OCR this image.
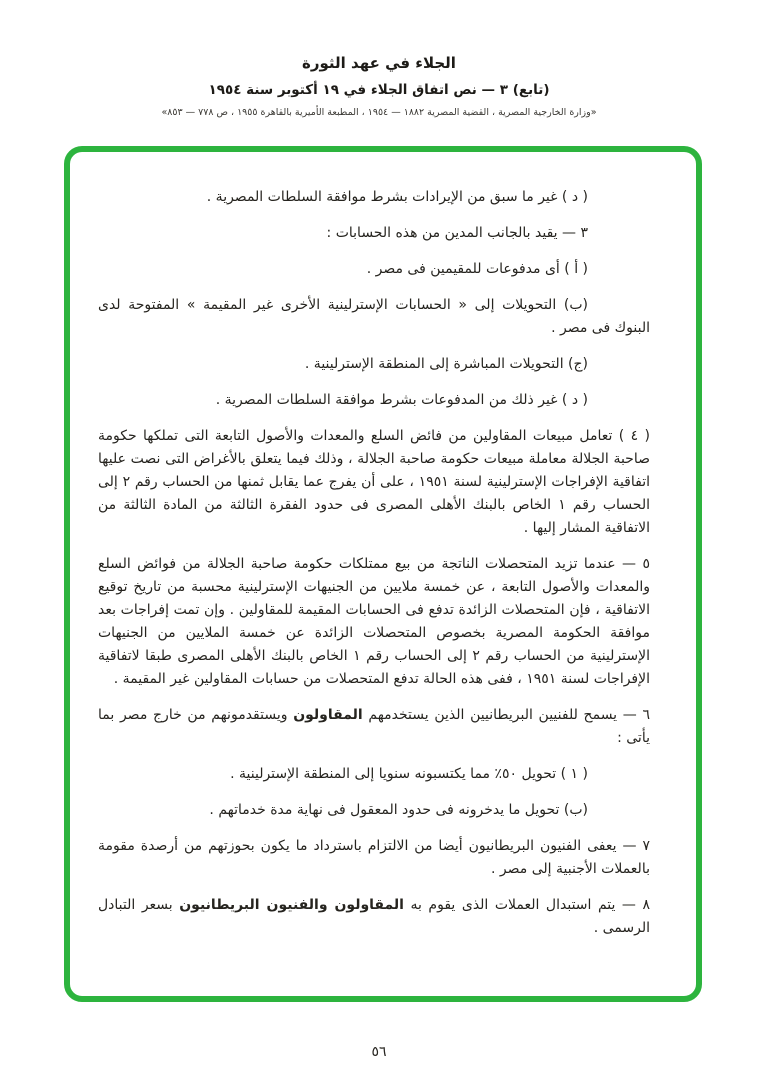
الجلاء في عهد الثورة
(تابع) ٣ — نص اتفاق الجلاء في ١٩ أكتوبر سنة ١٩٥٤
«وزارة الخارجية المصرية ، القضية المصرية ١٨٨٢ — ١٩٥٤ ، المطبعة الأميرية بالقاهرة ١٩٥٥ ، ص ٧٧٨ — ٨٥٣»

( د ) غير ما سبق من الإيرادات بشرط موافقة السلطات المصرية .

٣ — يقيد بالجانب المدين من هذه الحسابات :

( أ ) أى مدفوعات للمقيمين فى مصر .

(ب) التحويلات إلى « الحسابات الإسترلينية الأخرى غير المقيمة » المفتوحة لدى البنوك فى مصر .

(ج) التحويلات المباشرة إلى المنطقة الإسترلينية .

( د ) غير ذلك من المدفوعات بشرط موافقة السلطات المصرية .

( ٤ ) تعامل مبيعات المقاولين من فائض السلع والمعدات والأصول التابعة التى تملكها حكومة صاحبة الجلالة معاملة مبيعات حكومة صاحبة الجلالة ، وذلك فيما يتعلق بالأغراض التى نصت عليها اتفاقية الإفراجات الإسترلينية لسنة ١٩٥١ ، على أن يفرج عما يقابل ثمنها من الحساب رقم ٢ إلى الحساب رقم ١ الخاص بالبنك الأهلى المصرى فى حدود الفقرة الثالثة من المادة الثالثة من الاتفاقية المشار إليها .

٥ — عندما تزيد المتحصلات الناتجة من بيع ممتلكات حكومة صاحبة الجلالة من فوائض السلع والمعدات والأصول التابعة ، عن خمسة ملايين من الجنيهات الإسترلينية محسبة من تاريخ توقيع الاتفاقية ، فإن المتحصلات الزائدة تدفع فى الحسابات المقيمة للمقاولين . وإن تمت إفراجات بعد موافقة الحكومة المصرية بخصوص المتحصلات الزائدة عن خمسة الملايين من الجنيهات الإسترلينية من الحساب رقم ٢ إلى الحساب رقم ١ الخاص بالبنك الأهلى المصرى طبقا لاتفاقية الإفراجات لسنة ١٩٥١ ، ففى هذه الحالة تدفع المتحصلات من حسابات المقاولين غير المقيمة .

٦ — يسمح للفنيين البريطانيين الذين يستخدمهم المقاولون ويستقدمونهم من خارج مصر بما يأتى :

( ١ ) تحويل ٥٠٪ مما يكتسبونه سنويا إلى المنطقة الإسترلينية .

(ب) تحويل ما يدخرونه فى حدود المعقول فى نهاية مدة خدماتهم .

٧ — يعفى الفنيون البريطانيون أيضا من الالتزام باسترداد ما يكون بحوزتهم من أرصدة مقومة بالعملات الأجنبية إلى مصر .

٨ — يتم استبدال العملات الذى يقوم به المقاولون والفنيون البريطانيون بسعر التبادل الرسمى .

٥٦
